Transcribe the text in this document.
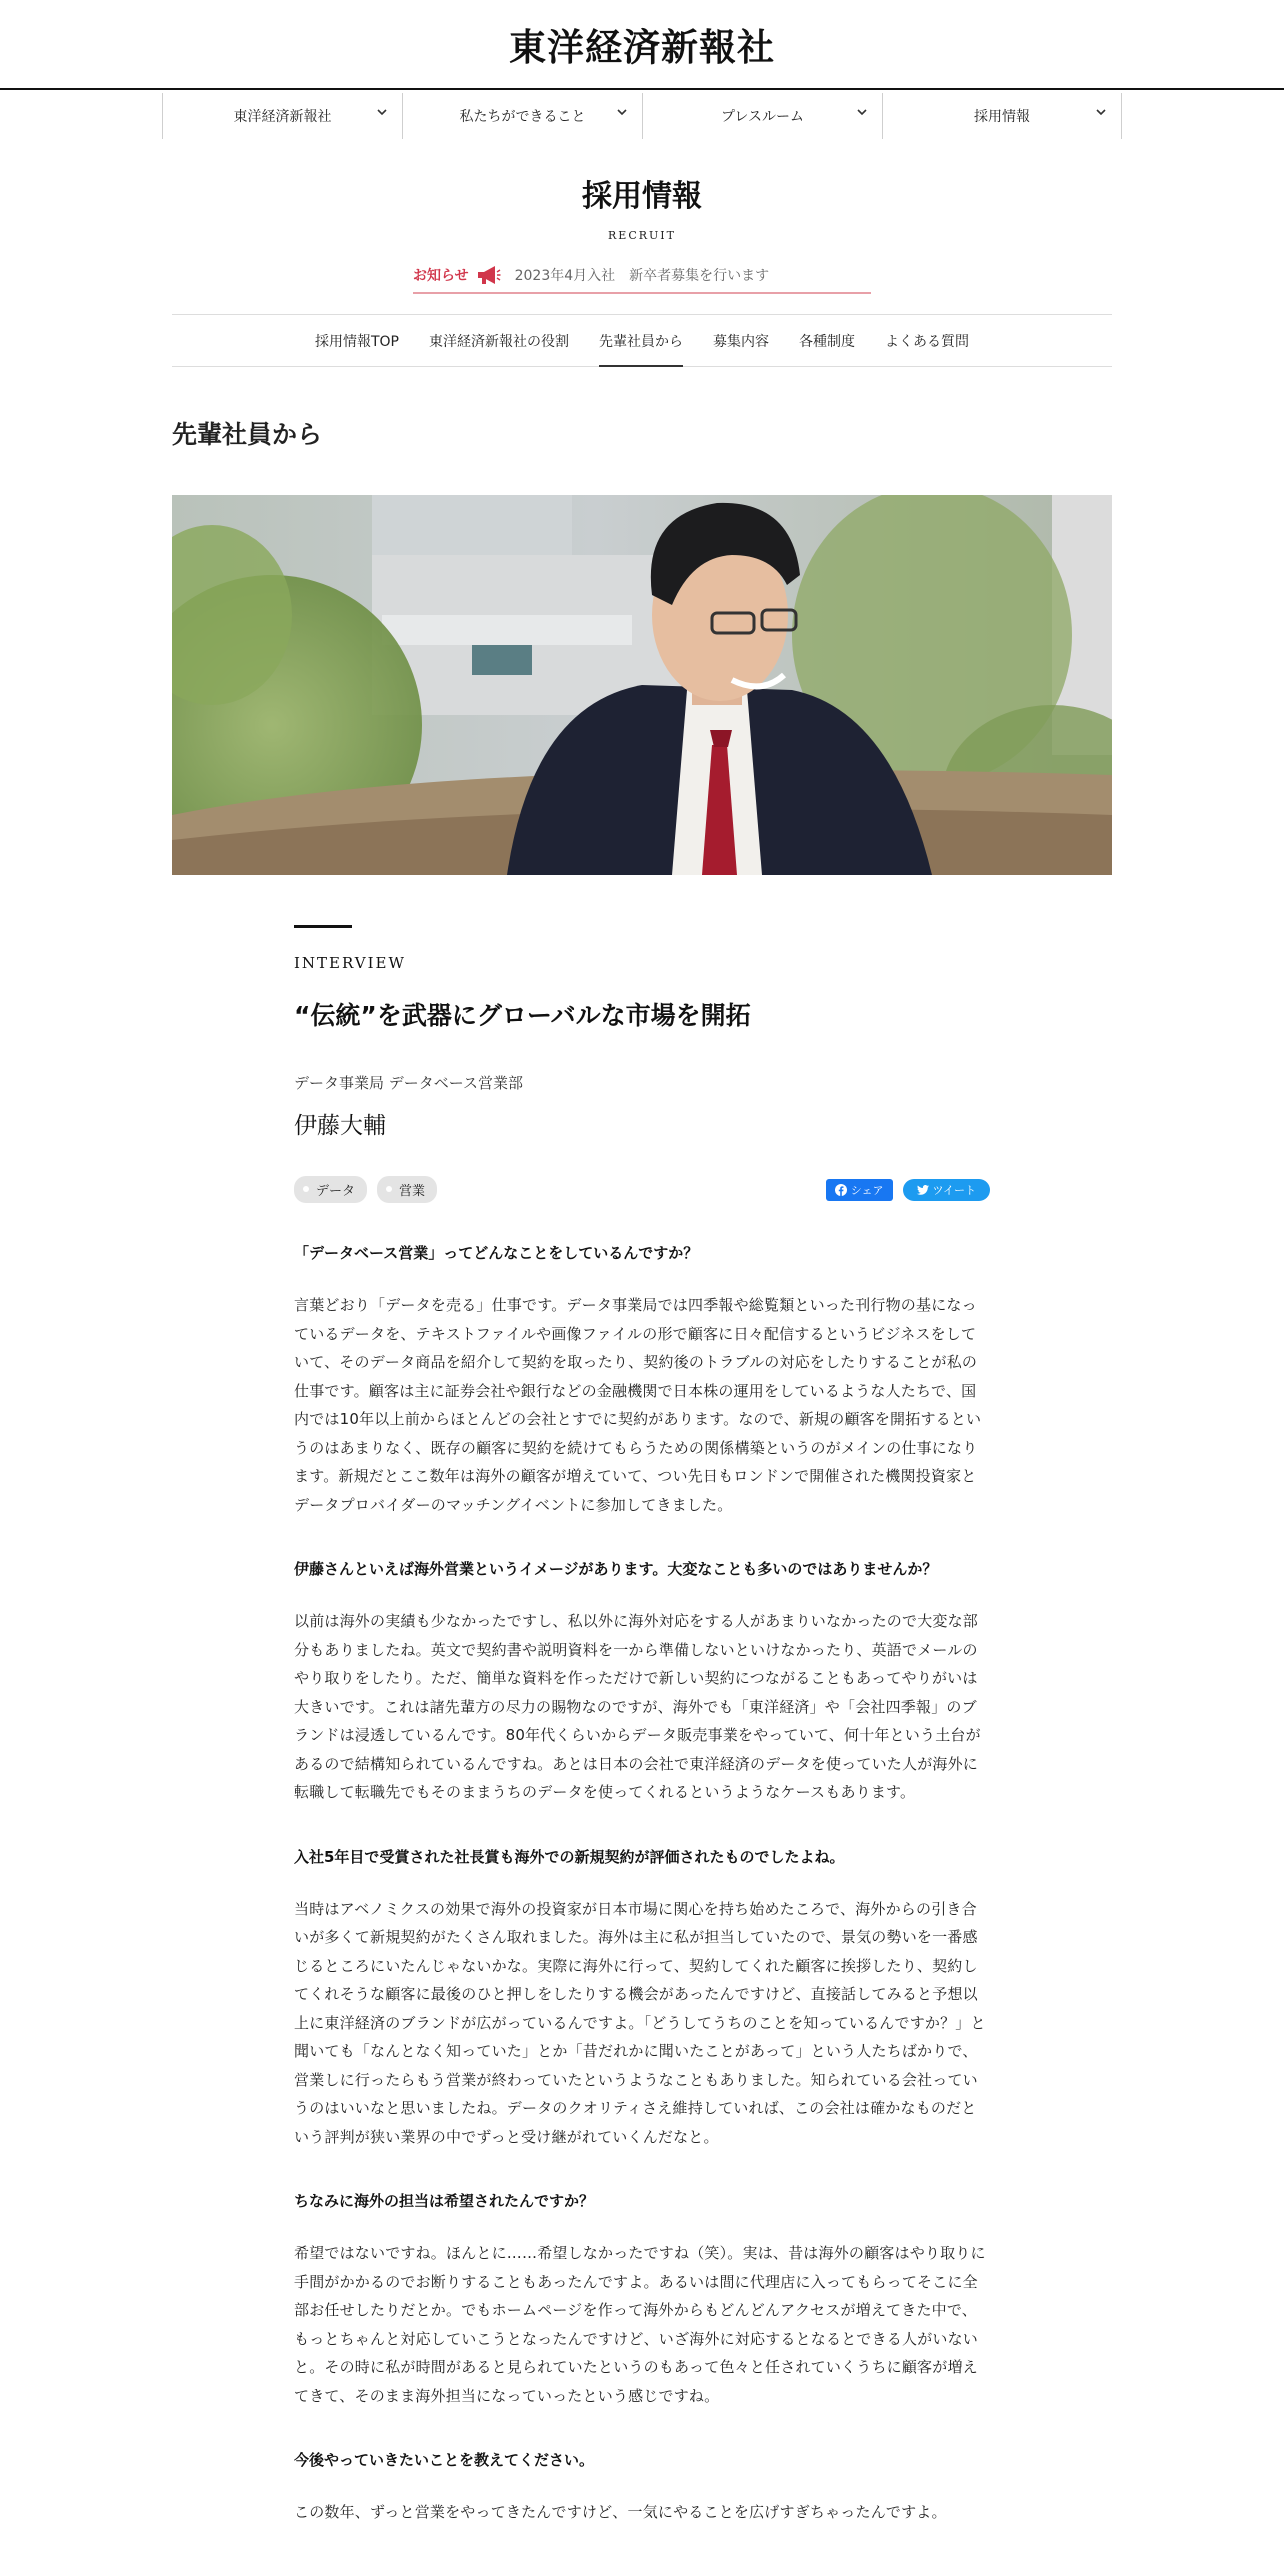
東洋経済新報社
東洋経済新報社	私たちができること	プレスルーム	採用情報
採用情報
RECRUIT
お知らせ	2023年4月入社　新卒者募集を行います
採用情報TOP 東洋経済新報社の役割 先輩社員から 募集内容 各種制度 よくある質問
先輩社員から
INTERVIEW
“伝統”を武器にグローバルな市場を開拓
データ事業局 データベース営業部
伊藤大輔
データ	営業	シェア	ツイート

「データベース営業」ってどんなことをしているんですか？

言葉どおり「データを売る」仕事です。データ事業局では四季報や総覧類といった刊行物の基になっているデータを、テキストファイルや画像ファイルの形で顧客に日々配信するというビジネスをしていて、そのデータ商品を紹介して契約を取ったり、契約後のトラブルの対応をしたりすることが私の仕事です。顧客は主に証券会社や銀行などの金融機関で日本株の運用をしているような人たちで、国内では10年以上前からほとんどの会社とすでに契約があります。なので、新規の顧客を開拓するというのはあまりなく、既存の顧客に契約を続けてもらうための関係構築というのがメインの仕事になります。新規だとここ数年は海外の顧客が増えていて、つい先日もロンドンで開催された機関投資家とデータプロバイダーのマッチングイベントに参加してきました。

伊藤さんといえば海外営業というイメージがあります。大変なことも多いのではありませんか？

以前は海外の実績も少なかったですし、私以外に海外対応をする人があまりいなかったので大変な部分もありましたね。英文で契約書や説明資料を一から準備しないといけなかったり、英語でメールのやり取りをしたり。ただ、簡単な資料を作っただけで新しい契約につながることもあってやりがいは大きいです。これは諸先輩方の尽力の賜物なのですが、海外でも「東洋経済」や「会社四季報」のブランドは浸透しているんです。80年代くらいからデータ販売事業をやっていて、何十年という土台があるので結構知られているんですね。あとは日本の会社で東洋経済のデータを使っていた人が海外に転職して転職先でもそのままうちのデータを使ってくれるというようなケースもあります。

入社5年目で受賞された社長賞も海外での新規契約が評価されたものでしたよね。

当時はアベノミクスの効果で海外の投資家が日本市場に関心を持ち始めたころで、海外からの引き合いが多くて新規契約がたくさん取れました。海外は主に私が担当していたので、景気の勢いを一番感じるところにいたんじゃないかな。実際に海外に行って、契約してくれた顧客に挨拶したり、契約してくれそうな顧客に最後のひと押しをしたりする機会があったんですけど、直接話してみると予想以上に東洋経済のブランドが広がっているんですよ。「どうしてうちのことを知っているんですか？」と聞いても「なんとなく知っていた」とか「昔だれかに聞いたことがあって」という人たちばかりで、営業しに行ったらもう営業が終わっていたというようなこともありました。知られている会社っていうのはいいなと思いましたね。データのクオリティさえ維持していれば、この会社は確かなものだという評判が狭い業界の中でずっと受け継がれていくんだなと。

ちなみに海外の担当は希望されたんですか？

希望ではないですね。ほんとに……希望しなかったですね（笑）。実は、昔は海外の顧客はやり取りに手間がかかるのでお断りすることもあったんですよ。あるいは間に代理店に入ってもらってそこに全部お任せしたりだとか。でもホームページを作って海外からもどんどんアクセスが増えてきた中で、もっとちゃんと対応していこうとなったんですけど、いざ海外に対応するとなるとできる人がいないと。その時に私が時間があると見られていたというのもあって色々と任されていくうちに顧客が増えてきて、そのまま海外担当になっていったという感じですね。

今後やっていきたいことを教えてください。

この数年、ずっと営業をやってきたんですけど、一気にやることを広げすぎちゃったんですよ。
